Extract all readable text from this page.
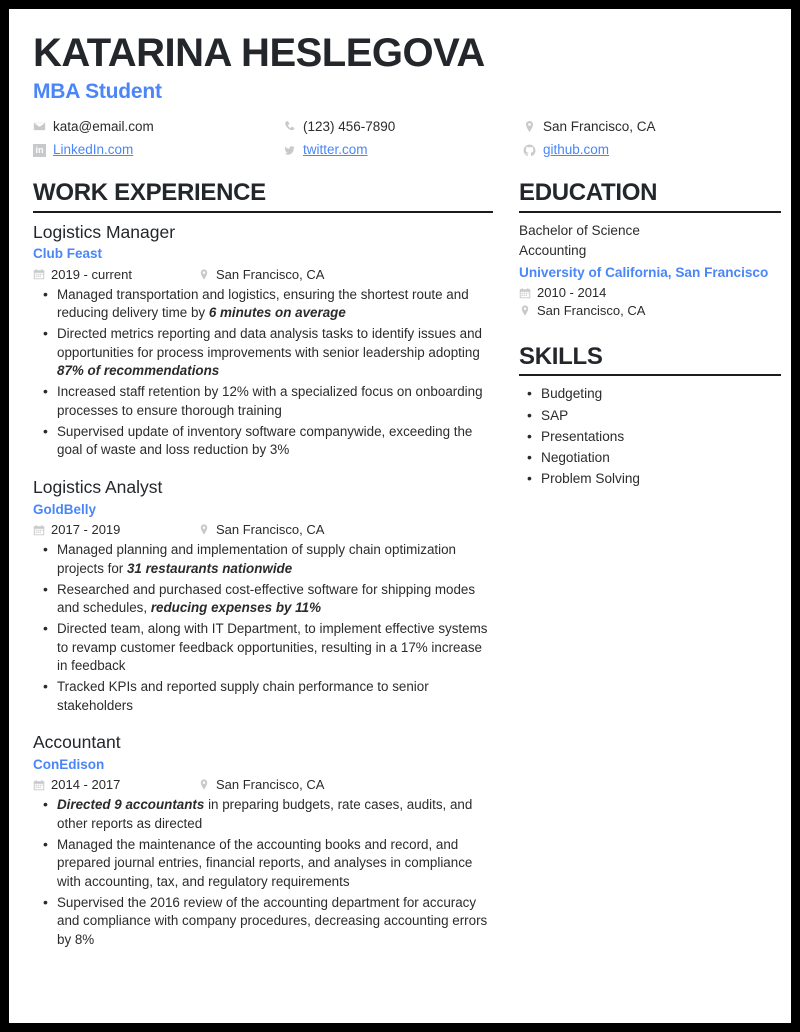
KATARINA HESLEGOVA
MBA Student
kata@email.com	(123) 456-7890	San Francisco, CA
in LinkedIn.com	twitter.com	github.com
WORK EXPERIENCE
Logistics Manager
Club Feast
2019 - current	San Francisco, CA
• Managed transportation and logistics, ensuring the shortest route and reducing delivery time by 6 minutes on average
• Directed metrics reporting and data analysis tasks to identify issues and opportunities for process improvements with senior leadership adopting 87% of recommendations
• Increased staff retention by 12% with a specialized focus on onboarding processes to ensure thorough training
• Supervised update of inventory software companywide, exceeding the goal of waste and loss reduction by 3%
Logistics Analyst
GoldBelly
2017 - 2019	San Francisco, CA
• Managed planning and implementation of supply chain optimization projects for 31 restaurants nationwide
• Researched and purchased cost-effective software for shipping modes and schedules, reducing expenses by 11%
• Directed team, along with IT Department, to implement effective systems to revamp customer feedback opportunities, resulting in a 17% increase in feedback
• Tracked KPIs and reported supply chain performance to senior stakeholders
Accountant
ConEdison
2014 - 2017	San Francisco, CA
• Directed 9 accountants in preparing budgets, rate cases, audits, and other reports as directed
• Managed the maintenance of the accounting books and record, and prepared journal entries, financial reports, and analyses in compliance with accounting, tax, and regulatory requirements
• Supervised the 2016 review of the accounting department for accuracy and compliance with company procedures, decreasing accounting errors by 8%
EDUCATION
Bachelor of Science
Accounting
University of California, San Francisco
2010 - 2014
San Francisco, CA
SKILLS
• Budgeting
• SAP
• Presentations
• Negotiation
• Problem Solving
